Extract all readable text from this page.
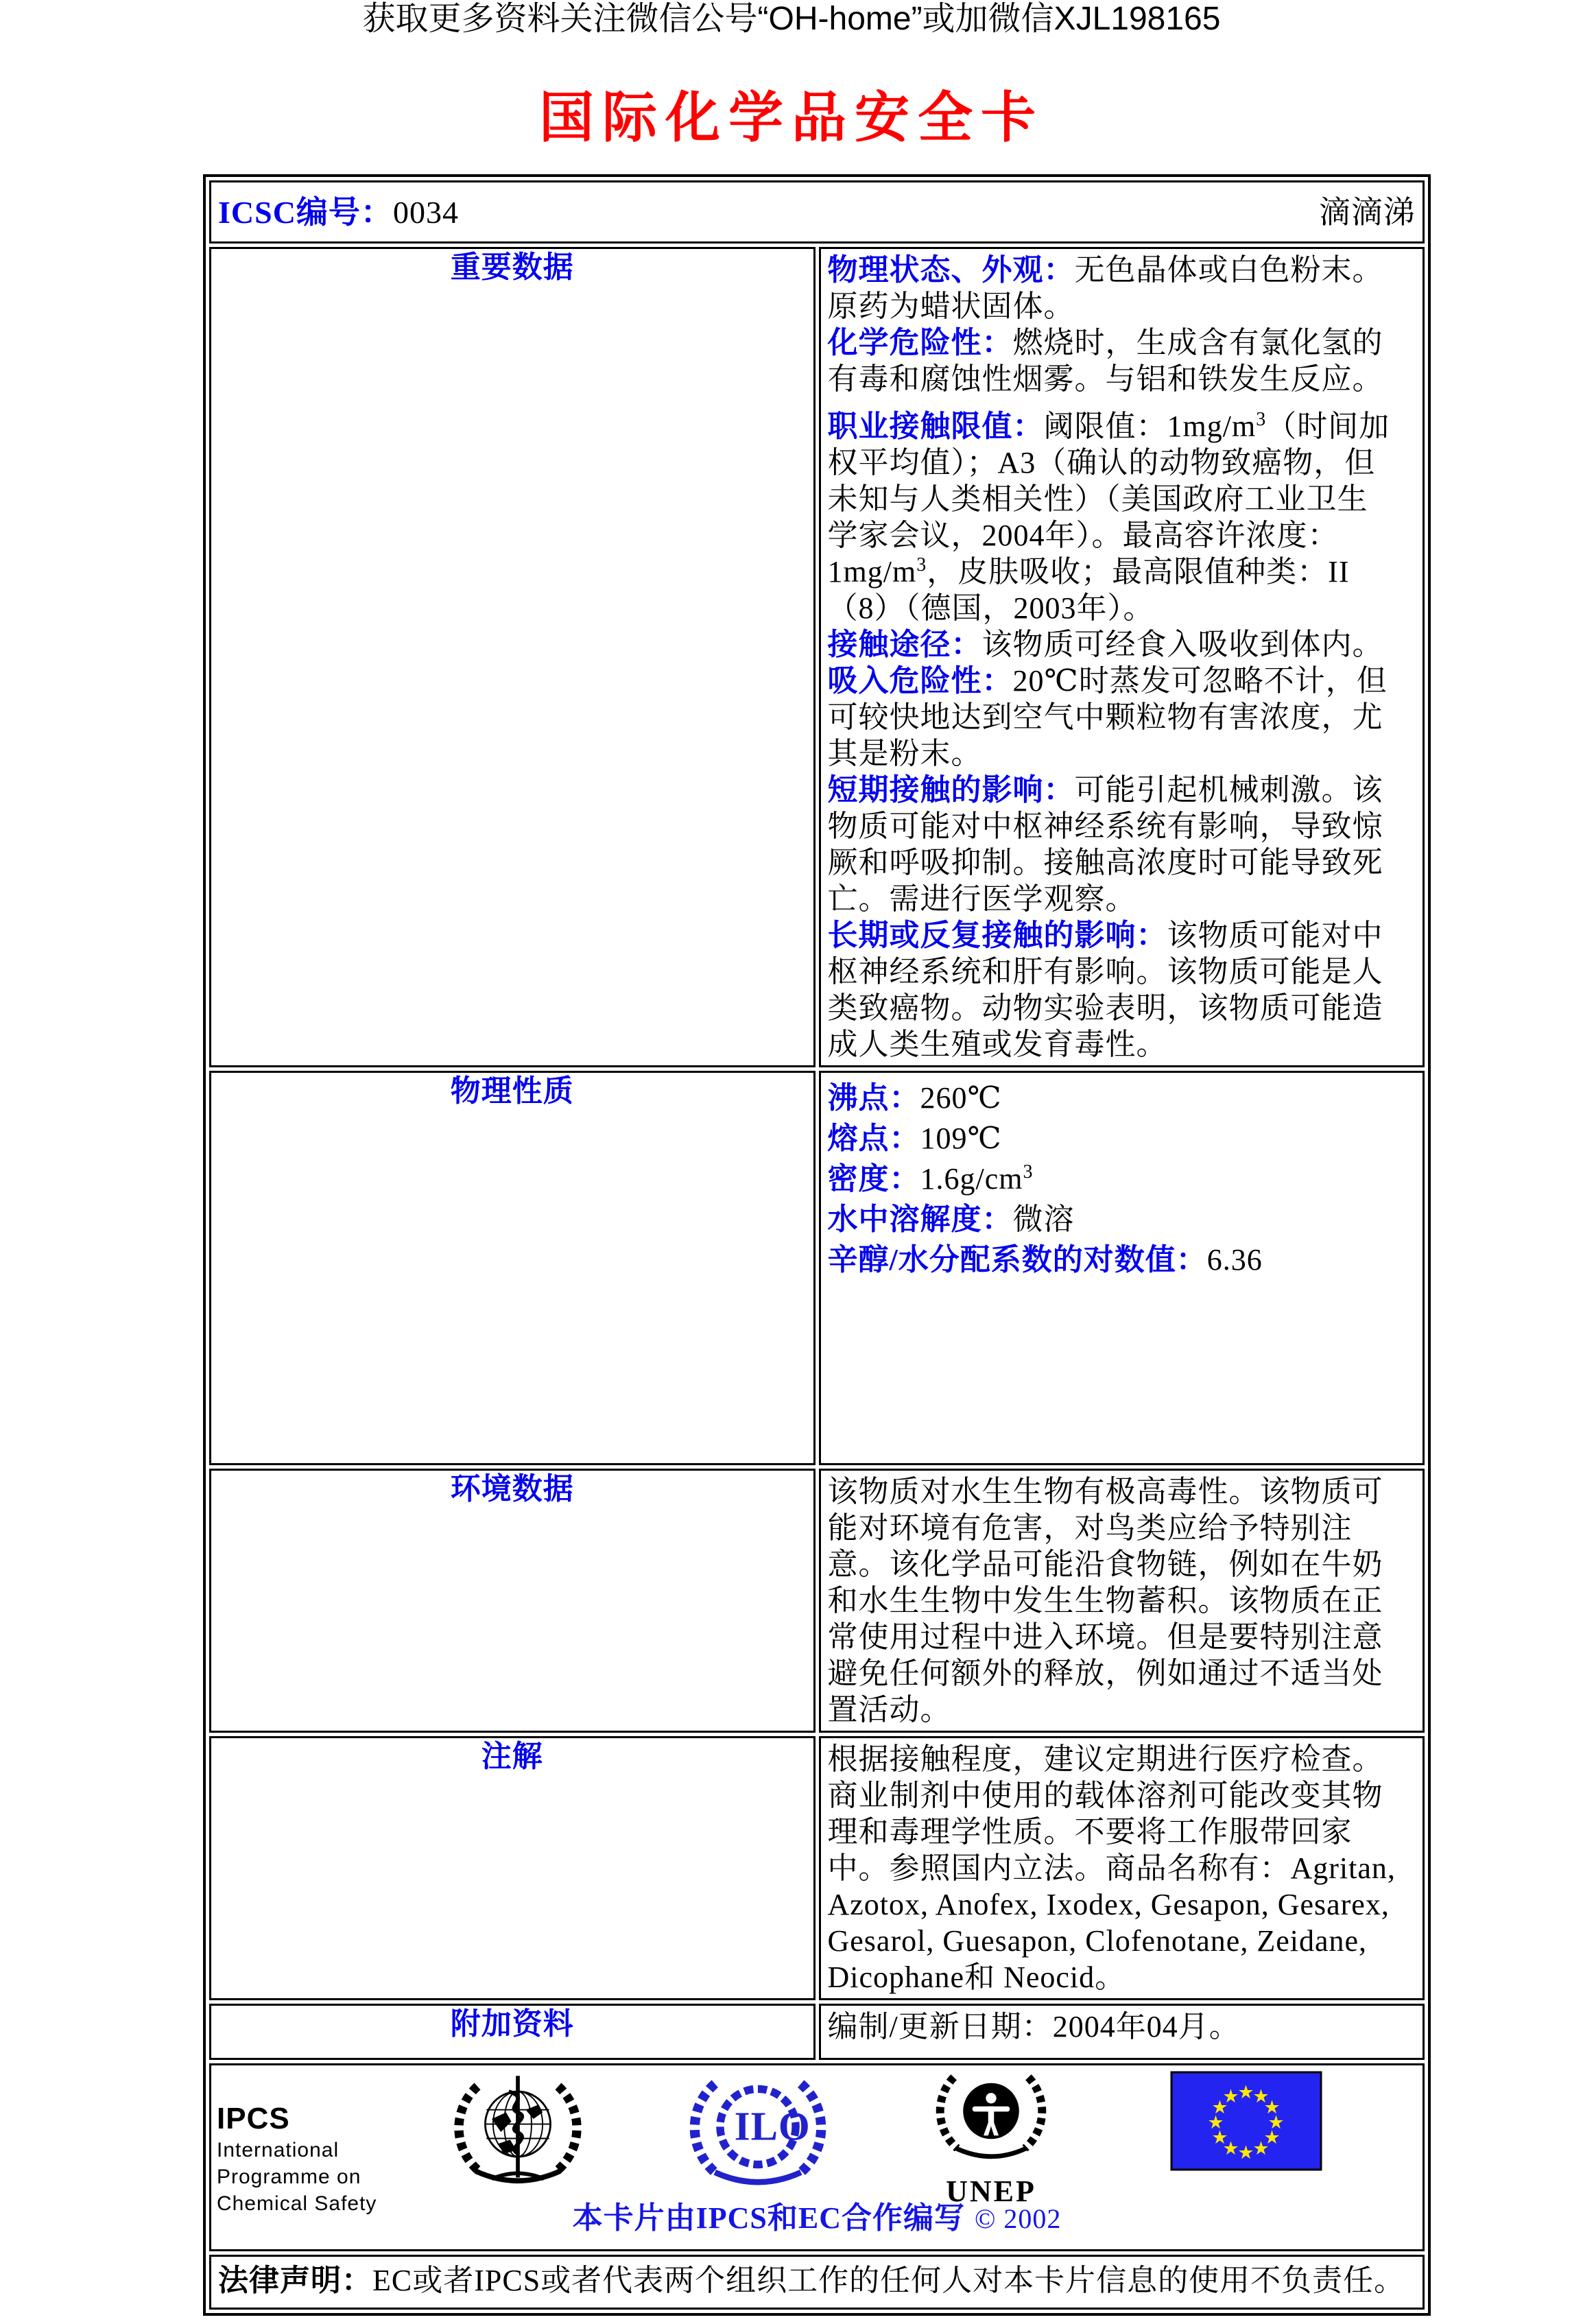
获取更多资料关注微信公号“OH-home”或加微信XJL198165
国际化学品安全卡
ICSC编号：0034 滴滴涕	

重要数据	物理状态、外观：无色晶体或白色粉末。原药为蜡状固体。

化学危险性：燃烧时，生成含有氯化氢的有毒和腐蚀性烟雾。与铝和铁发生反应。

职业接触限值：阈限值：$1mg/m^3$（时间加权平均值）；A3（确认的动物致癌物，但未知与人类相关性）（美国政府工业卫生学家会议，2004年）。最高容许浓度：$1mg/m^3$，皮肤吸收；最高限值种类：II（8）（德国，2003年）。

接触途径：该物质可经食入吸收到体内。

吸入危险性：20℃时蒸发可忽略不计，但可较快地达到空气中颗粒物有害浓度，尤其是粉末。

短期接触的影响：可能引起机械刺激。该物质可能对中枢神经系统有影响，导致惊厥和呼吸抑制。接触高浓度时可能导致死亡。需进行医学观察。

长期或反复接触的影响：该物质可能对中枢神经系统和肝有影响。该物质可能是人类致癌物。动物实验表明，该物质可能造成人类生殖或发育毒性。

物理性质	沸点：260℃

熔点：109℃

密度：$1.6g/cm^3$

水中溶解度：微溶

辛醇/水分配系数的对数值：6.36

环境数据	该物质对水生生物有极高毒性。该物质可能对环境有危害，对鸟类应给予特别注意。该化学品可能沿食物链，例如在牛奶和水生生物中发生生物蓄积。该物质在正常使用过程中进入环境。但是要特别注意避免任何额外的释放，例如通过不适当处置活动。
注解	根据接触程度，建议定期进行医疗检查。商业制剂中使用的载体溶剂可能改变其物理和毒理学性质。不要将工作服带回家中。参照国内立法。商品名称有：Agritan, Azotox, Anofex, Ixodex, Gesapon, Gesarex, Gesarol, Guesapon, Clofenotane, Zeidane, Dicophane和 Neocid。
附加资料	编制/更新日期：2004年04月。

IPCS
International
Programme on
Chemical Safety
ILO
UNEP
★
★
★
★
★
★
★
★
★
★
★
★
本卡片由IPCS和EC合作编写 © 2002

法律声明：EC或者IPCS或者代表两个组织工作的任何人对本卡片信息的使用不负责任。	
